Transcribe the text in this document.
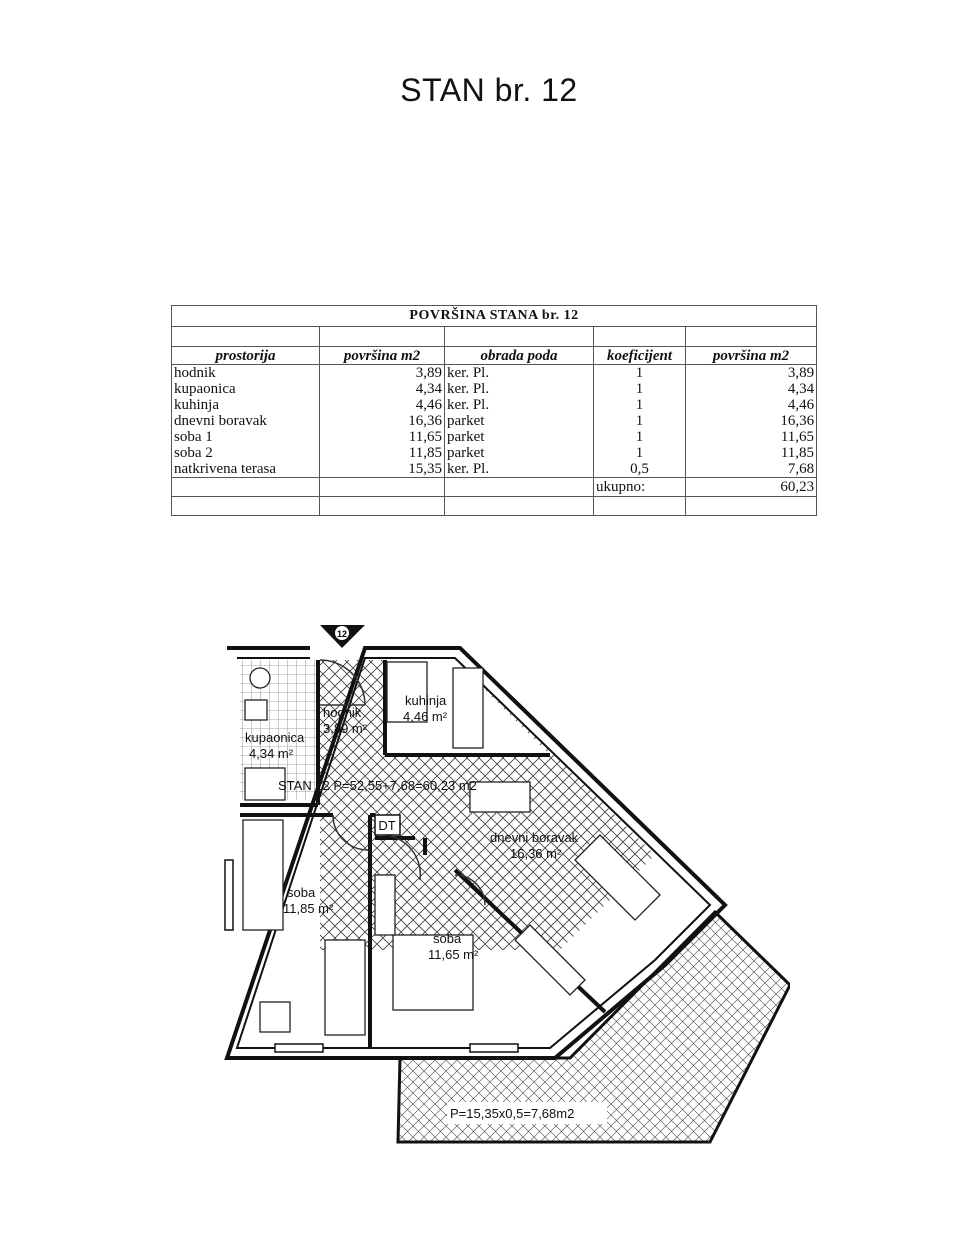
STAN br. 12
POVRŠINA STANA br. 12				

prostorija	površina m2	obrada poda	koeficijent	površina m2
hodnik	3,89	ker. Pl.	1	3,89
kupaonica	4,34	ker. Pl.	1	4,34
kuhinja	4,46	ker. Pl.	1	4,46
dnevni boravak	16,36	parket	1	16,36
soba 1	11,65	parket	1	11,65
soba 2	11,85	parket	1	11,85
natkrivena terasa	15,35	ker. Pl.	0,5	7,68
			ukupno:	60,23

12
DT
hodnik
3,89 m²
kuhinja
4,46 m²
kupaonica
4,34 m²
STAN 12 P=52,55+7,68=60,23 m2
dnevni boravak
16,36 m²
soba
11,85 m²
soba
11,65 m²
P=15,35x0,5=7,68m2
